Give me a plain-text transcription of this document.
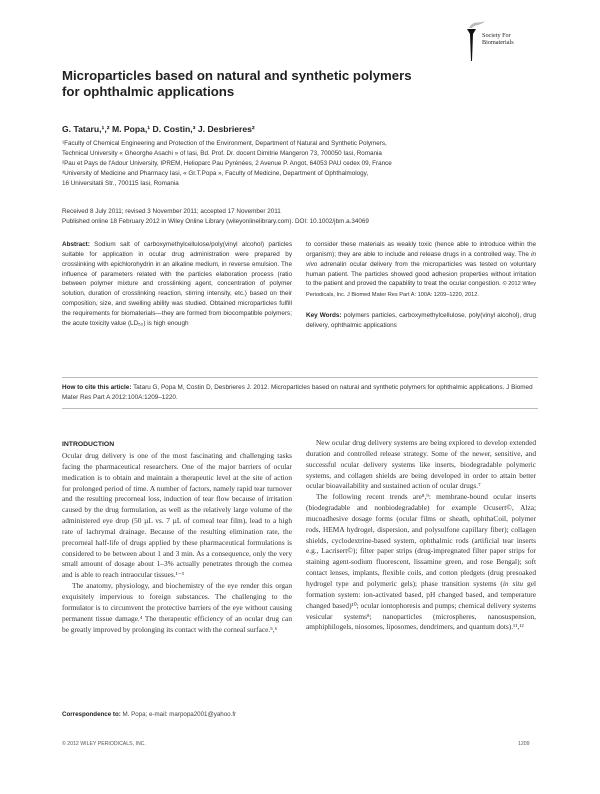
Society For
Biomaterials
Microparticles based on natural and synthetic polymers
for ophthalmic applications
G. Tataru,¹,² M. Popa,¹ D. Costin,³ J. Desbrieres²
¹Faculty of Chemical Engineering and Protection of the Environment, Department of Natural and Synthetic Polymers,
Technical University « Gheorghe Asachi » of Iasi, Bd. Prof. Dr. docent Dimitrie Mangeron 73, 700050 Iasi, Romania
²Pau et Pays de l'Adour University, IPREM, Helioparc Pau Pyrénées, 2 Avenue P. Angot, 64053 PAU cedex 09, France
³University of Medicine and Pharmacy Iasi, « Gr.T.Popa », Faculty of Medicine, Department of Ophthalmology,
16 Universitatii Str., 700115 Iasi, Romania
Received 8 July 2011; revised 3 November 2011; accepted 17 November 2011
Published online 18 February 2012 in Wiley Online Library (wileyonlinelibrary.com). DOI: 10.1002/jbm.a.34069
Abstract: Sodium salt of carboxymethylcellulose/poly(vinyl alcohol) particles suitable for application in ocular drug administration were prepared by crosslinking with epichlorohydrin in an alkaline medium, in reverse emulsion. The influence of parameters related with the particles elaboration process (ratio between polymer mixture and crosslinking agent, concentration of polymer solution, duration of crosslinking reaction, stirring intensity, etc.) based on their composition, size, and swelling ability was studied. Obtained microparticles fulfill the requirements for biomaterials—they are formed from biocompatible polymers; the acute toxicity value (LD₅₀) is high enough
to consider these materials as weakly toxic (hence able to introduce within the organism); they are able to include and release drugs in a controlled way. The in vivo adrenalin ocular delivery from the microparticles was tested on voluntary human patient. The particles showed good adhesion properties without irritation to the patient and proved the capability to treat the ocular congestion. © 2012 Wiley Periodicals, Inc. J Biomed Mater Res Part A: 100A: 1209–1220, 2012.
Key Words: polymers particles, carboxymethylcellulose, poly(vinyl alcohol), drug delivery, ophthalmic applications
How to cite this article: Tataru G, Popa M, Costin D, Desbrieres J. 2012. Microparticles based on natural and synthetic polymers for ophthalmic applications. J Biomed Mater Res Part A 2012:100A:1209–1220.
INTRODUCTION

Ocular drug delivery is one of the most fascinating and challenging tasks facing the pharmaceutical researchers. One of the major barriers of ocular medication is to obtain and maintain a therapeutic level at the site of action for prolonged period of time. A number of factors, namely rapid tear turnover and the resulting precorneal loss, induction of tear flow because of irritation caused by the drug formulation, as well as the relatively large volume of the administered eye drop (50 µL vs. 7 µL of corneal tear film), lead to a high rate of lachrymal drainage. Because of the resulting elimination rate, the precorneal half-life of drugs applied by these pharmaceutical formulations is considered to be between about 1 and 3 min. As a consequence, only the very small amount of dosage about 1–3% actually penetrates through the cornea and is able to reach intraocular tissues.¹⁻³

The anatomy, physiology, and biochemistry of the eye render this organ exquisitely impervious to foreign substances. The challenging to the formulator is to circumvent the protective barriers of the eye without causing permanent tissue damage.⁴ The therapeutic efficiency of an ocular drug can be greatly improved by prolonging its contact with the corneal surface.⁵,⁶

New ocular drug delivery systems are being explored to develop extended duration and controlled release strategy. Some of the newer, sensitive, and successful ocular delivery systems like inserts, biodegradable polymeric systems, and collagen shields are being developed in order to attain better ocular bioavailability and sustained action of ocular drugs.⁷

The following recent trends are⁸,⁹: membrane-bound ocular inserts (biodegradable and nonbiodegradable) for example Ocusert©, Alza; mucoadhesive dosage forms (ocular films or sheath, ophthaCoil, polymer rods, HEMA hydrogel, dispersion, and polysulfone capillary fiber); collagen shields, cyclodextrine-based system, ophthalmic rods (artificial tear inserts e.g., Lacrisert©); filter paper strips (drug-impregnated filter paper strips for staining agent-sodium fluorescent, lissamine green, and rose Bengal); soft contact lenses, implants, flexible coils, and cotton pledgets (drug presoaked hydrogel type and polymeric gels); phase transition systems (in situ gel formation system: ion-activated based, pH changed based, and temperature changed based)¹⁰; ocular iontophoresis and pumps; chemical delivery systems vesicular systems⁸; nanoparticles (microspheres, nanosuspension, amphiphilogels, niosomes, liposomes, dendrimers, and quantum dots).¹¹,¹²

Correspondence to: M. Popa; e-mail: marpopa2001@yahoo.fr
© 2012 WILEY PERIODICALS, INC.	1209
